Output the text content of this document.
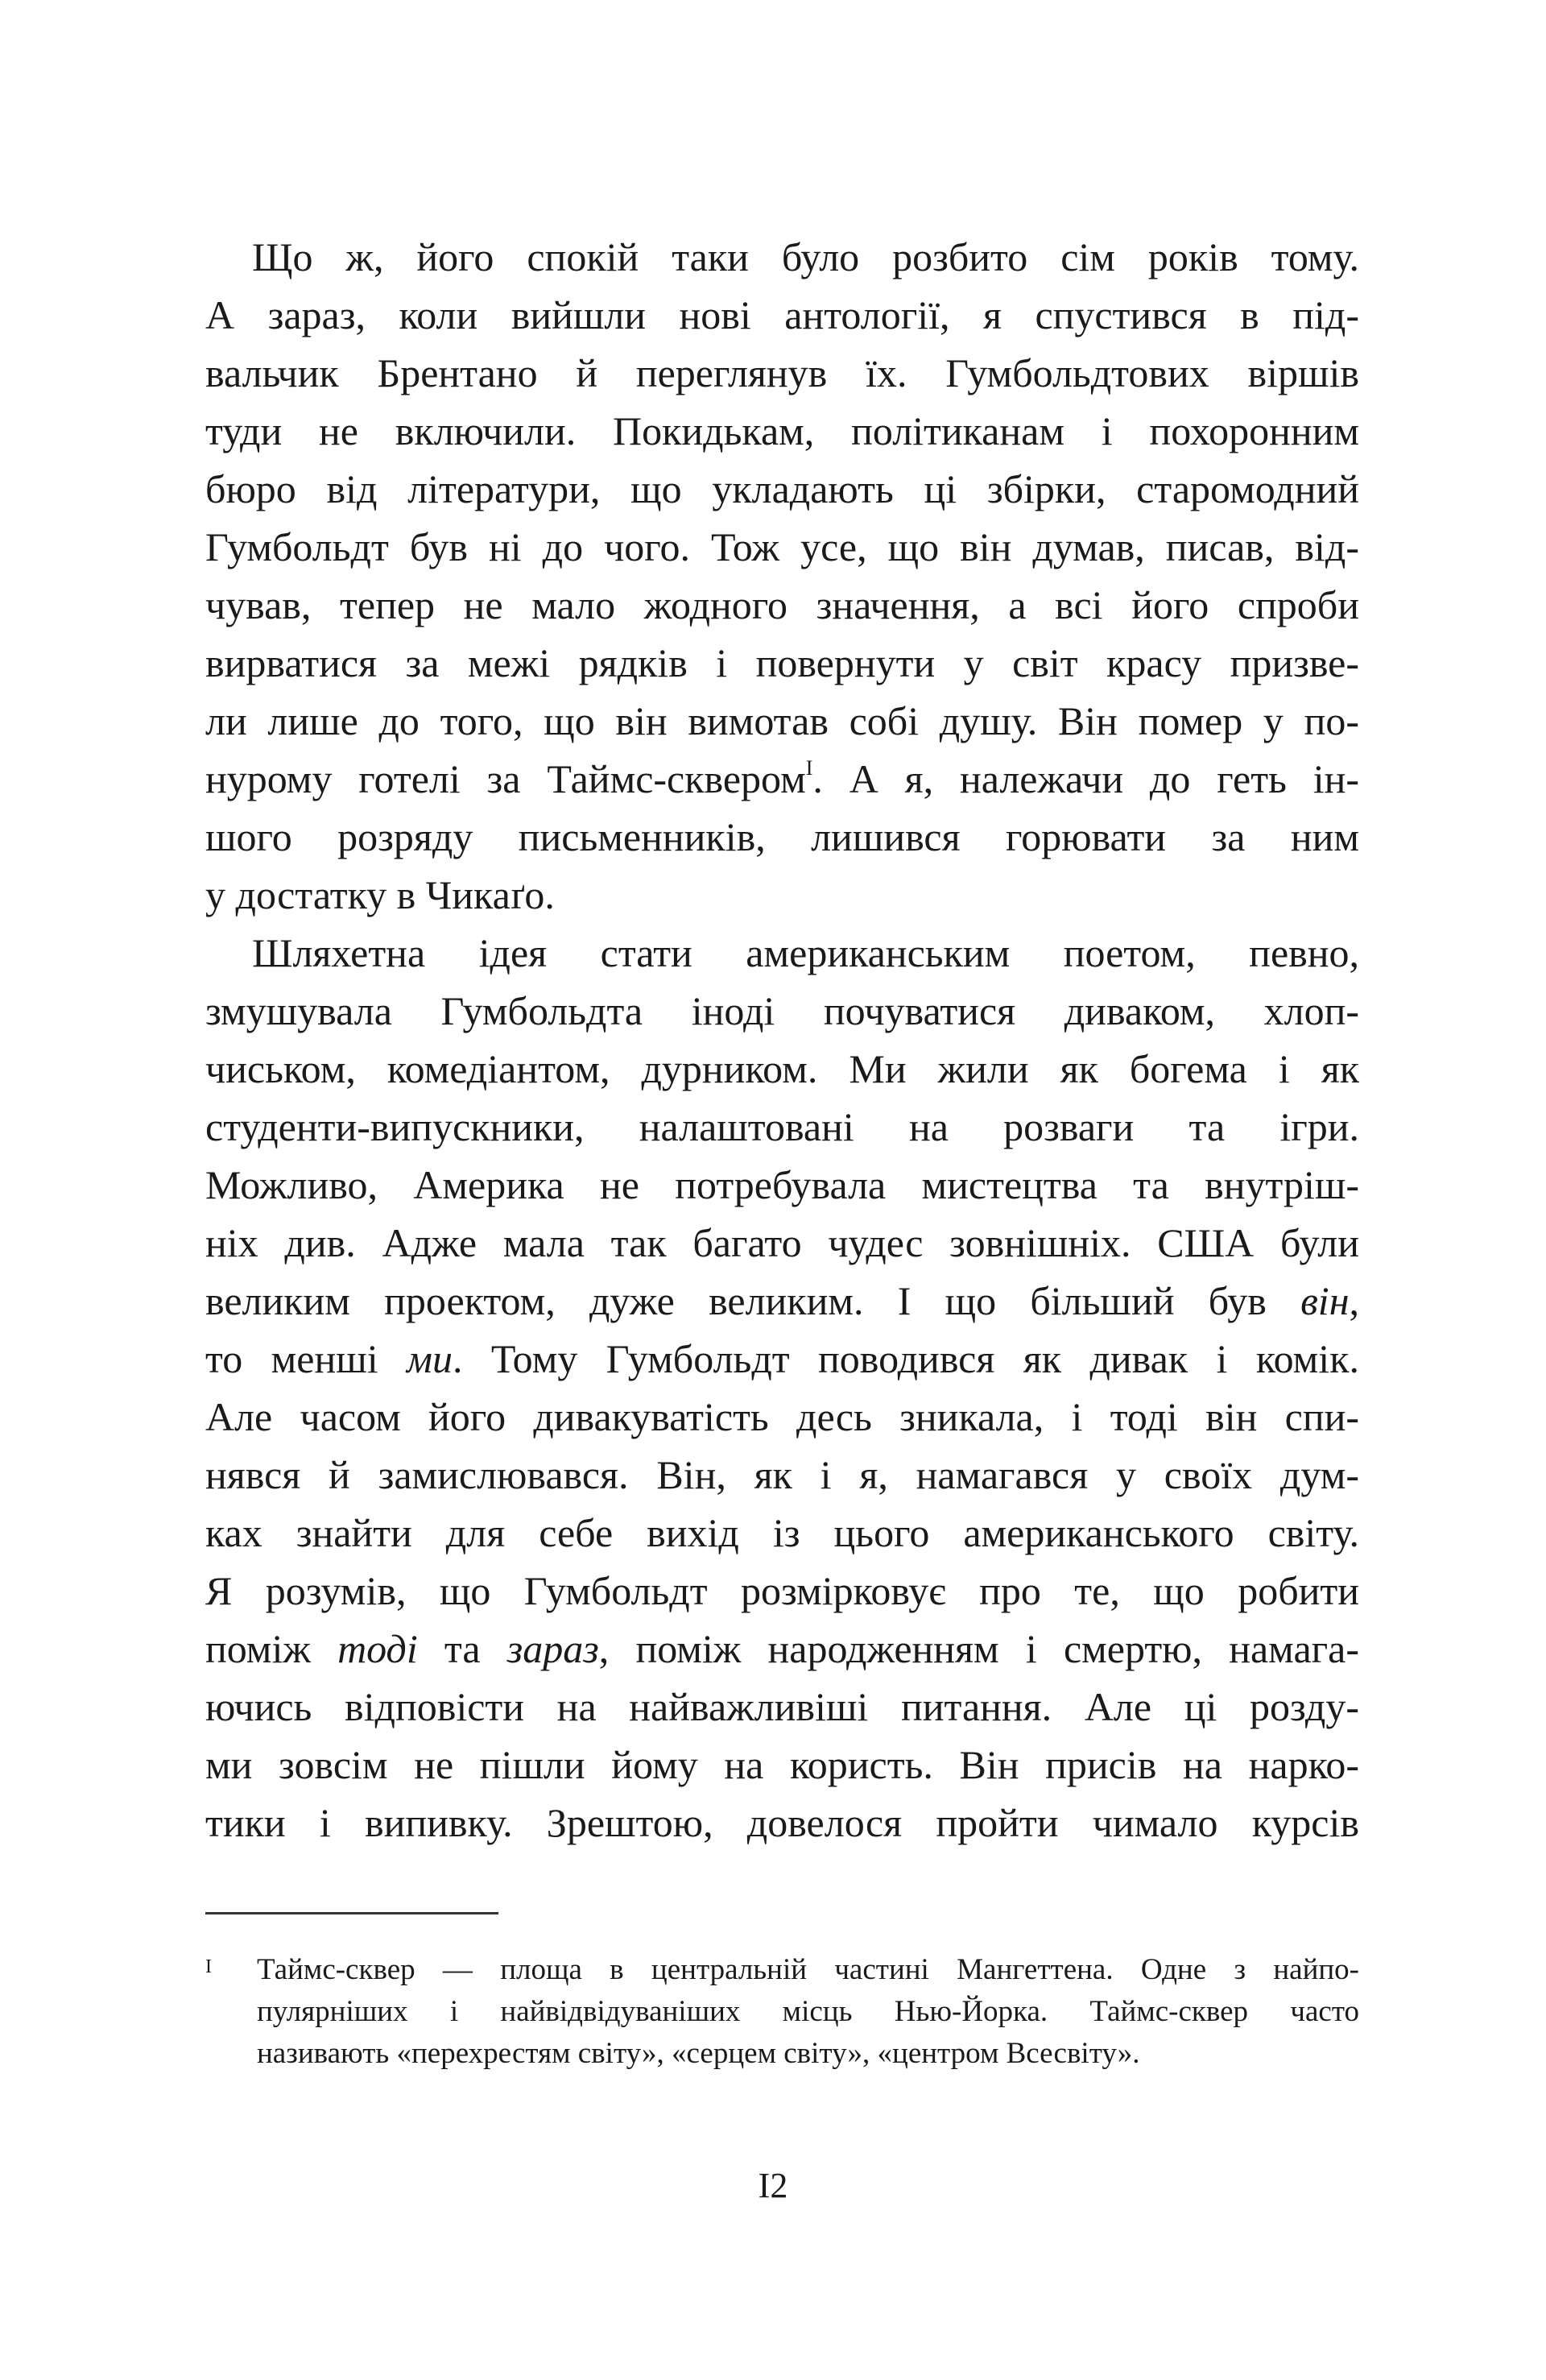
Що ж, його спокій таки було розбито сім років тому.
А зараз, коли вийшли нові антології, я спустився в під-
вальчик Брентано й переглянув їх. Гумбольдтових віршів
туди не включили. Покидькам, політиканам і похоронним
бюро від літератури, що укладають ці збірки, старомодний
Гумбольдт був ні до чого. Тож усе, що він думав, писав, від-
чував, тепер не мало жодного значення, а всі його спроби
вирватися за межі рядків і повернути у світ красу призве-
ли лише до того, що він вимотав собі душу. Він помер у по-
нурому готелі за Таймс-сквером$^I$. А я, належачи до геть ін-
шого розряду письменників, лишився горювати за ним
у достатку в Чикаґо.
Шляхетна ідея стати американським поетом, певно,
змушувала Гумбольдта іноді почуватися диваком, хлоп-
чиськом, комедіантом, дурником. Ми жили як богема і як
студенти-випускники, налаштовані на розваги та ігри.
Можливо, Америка не потребувала мистецтва та внутріш-
ніх див. Адже мала так багато чудес зовнішніх. США були
великим проектом, дуже великим. І що більший був він,
то менші ми. Тому Гумбольдт поводився як дивак і комік.
Але часом його дивакуватість десь зникала, і тоді він спи-
нявся й замислювався. Він, як і я, намагався у своїх дум-
ках знайти для себе вихід із цього американського світу.
Я розумів, що Гумбольдт розмірковує про те, що робити
поміж тоді та зараз, поміж народженням і смертю, намага-
ючись відповісти на найважливіші питання. Але ці розду-
ми зовсім не пішли йому на користь. Він присів на нарко-
тики і випивку. Зрештою, довелося пройти чимало курсів
I Таймс-сквер — площа в центральній частині Мангеттена. Одне з найпо-
пулярніших і найвідвідуваніших місць Нью-Йорка. Таймс-сквер часто
називають «перехрестям світу», «серцем світу», «центром Всесвіту».
I2
